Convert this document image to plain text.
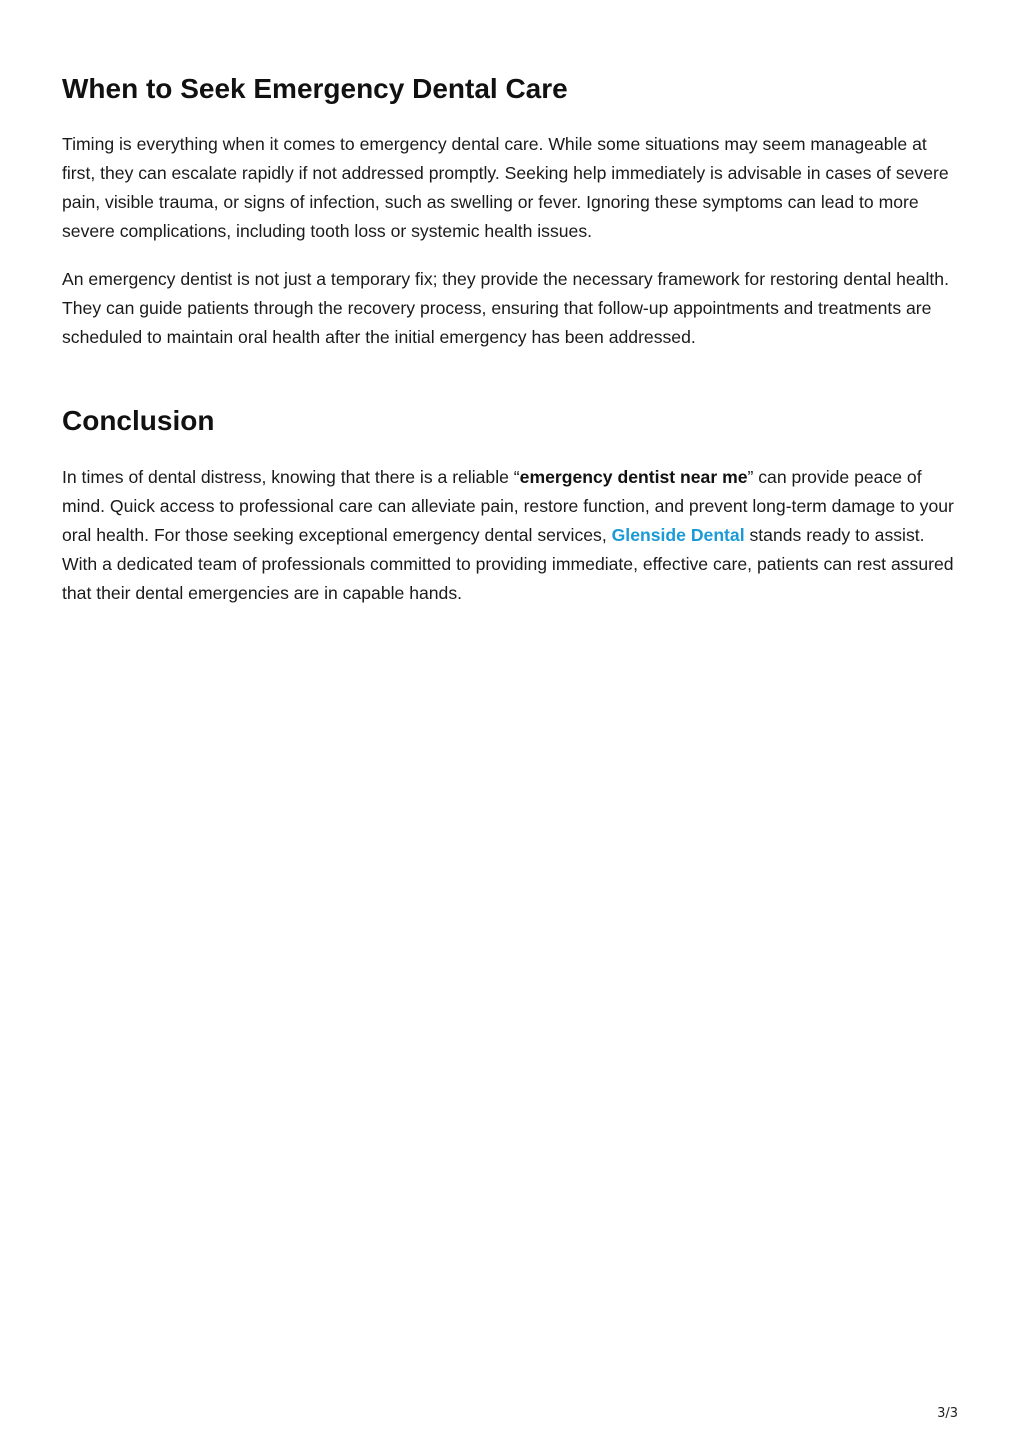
When to Seek Emergency Dental Care

Timing is everything when it comes to emergency dental care. While some situations may seem manageable at first, they can escalate rapidly if not addressed promptly. Seeking help immediately is advisable in cases of severe pain, visible trauma, or signs of infection, such as swelling or fever. Ignoring these symptoms can lead to more severe complications, including tooth loss or systemic health issues.

An emergency dentist is not just a temporary fix; they provide the necessary framework for restoring dental health. They can guide patients through the recovery process, ensuring that follow-up appointments and treatments are scheduled to maintain oral health after the initial emergency has been addressed.

Conclusion

In times of dental distress, knowing that there is a reliable “emergency dentist near me” can provide peace of mind. Quick access to professional care can alleviate pain, restore function, and prevent long-term damage to your oral health. For those seeking exceptional emergency dental services, Glenside Dental stands ready to assist. With a dedicated team of professionals committed to providing immediate, effective care, patients can rest assured that their dental emergencies are in capable hands.

3/3
